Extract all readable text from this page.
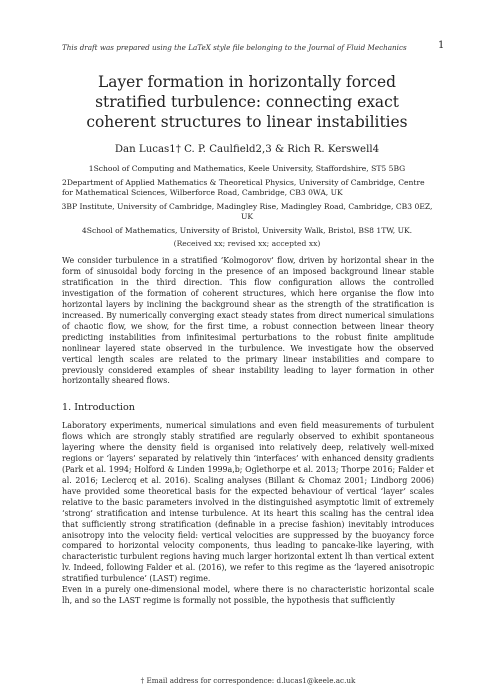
This draft was prepared using the LaTeX style file belonging to the Journal of Fluid Mechanics	1
Layer formation in horizontally forced
stratified turbulence: connecting exact
coherent structures to linear instabilities
Dan Lucas1† C. P. Caulfield2,3 & Rich R. Kerswell4
1School of Computing and Mathematics, Keele University, Staffordshire, ST5 5BG
2Department of Applied Mathematics & Theoretical Physics, University of Cambridge, Centre for Mathematical Sciences, Wilberforce Road, Cambridge, CB3 0WA, UK
3BP Institute, University of Cambridge, Madingley Rise, Madingley Road, Cambridge, CB3 0EZ, UK
4School of Mathematics, University of Bristol, University Walk, Bristol, BS8 1TW, UK.
(Received xx; revised xx; accepted xx)
We consider turbulence in a stratified ‘Kolmogorov’ flow, driven by horizontal shear in the form of sinusoidal body forcing in the presence of an imposed background linear stable stratification in the third direction. This flow configuration allows the controlled investigation of the formation of coherent structures, which here organise the flow into horizontal layers by inclining the background shear as the strength of the stratification is increased. By numerically converging exact steady states from direct numerical simulations of chaotic flow, we show, for the first time, a robust connection between linear theory predicting instabilities from infinitesimal perturbations to the robust finite amplitude nonlinear layered state observed in the turbulence. We investigate how the observed vertical length scales are related to the primary linear instabilities and compare to previously considered examples of shear instability leading to layer formation in other horizontally sheared flows.
1. Introduction

Laboratory experiments, numerical simulations and even field measurements of turbulent flows which are strongly stably stratified are regularly observed to exhibit spontaneous layering where the density field is organised into relatively deep, relatively well-mixed regions or ‘layers’ separated by relatively thin ‘interfaces’ with enhanced density gradients (Park et al. 1994; Holford & Linden 1999a,b; Oglethorpe et al. 2013; Thorpe 2016; Falder et al. 2016; Leclercq et al. 2016). Scaling analyses (Billant & Chomaz 2001; Lindborg 2006) have provided some theoretical basis for the expected behaviour of vertical ‘layer’ scales relative to the basic parameters involved in the distinguished asymptotic limit of extremely ‘strong’ stratification and intense turbulence. At its heart this scaling has the central idea that sufficiently strong stratification (definable in a precise fashion) inevitably introduces anisotropy into the velocity field: vertical velocities are suppressed by the buoyancy force compared to horizontal velocity components, thus leading to pancake-like layering, with characteristic turbulent regions having much larger horizontal extent lh than vertical extent lv. Indeed, following Falder et al. (2016), we refer to this regime as the ‘layered anisotropic stratified turbulence’ (LAST) regime.

Even in a purely one-dimensional model, where there is no characteristic horizontal scale lh, and so the LAST regime is formally not possible, the hypothesis that sufficiently

† Email address for correspondence: d.lucas1@keele.ac.uk
